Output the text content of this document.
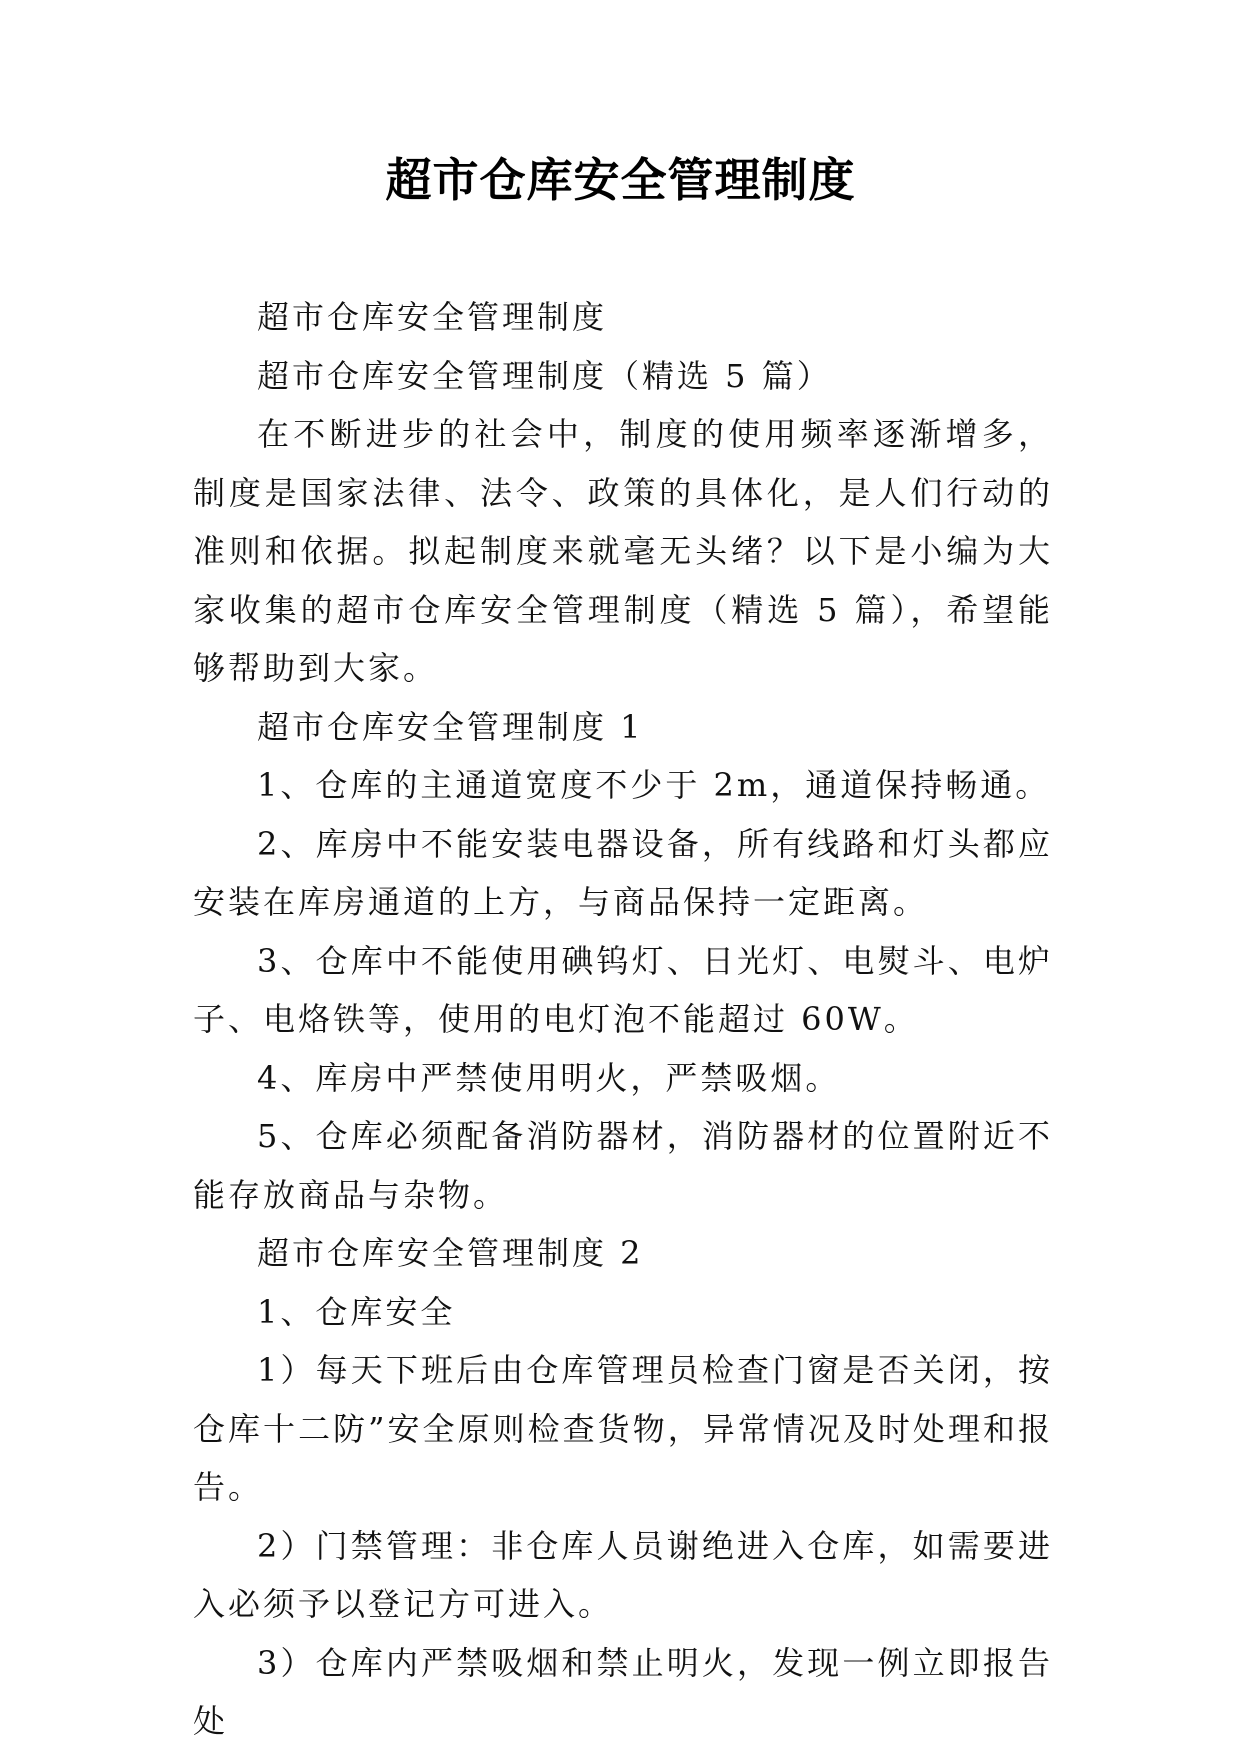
超市仓库安全管理制度

超市仓库安全管理制度

超市仓库安全管理制度（精选 5 篇）

在不断进步的社会中，制度的使用频率逐渐增多，制度是国家法律、法令、政策的具体化，是人们行动的准则和依据。拟起制度来就毫无头绪？以下是小编为大家收集的超市仓库安全管理制度（精选 5 篇），希望能够帮助到大家。

超市仓库安全管理制度 1

1、仓库的主通道宽度不少于 2m，通道保持畅通。

2、库房中不能安装电器设备，所有线路和灯头都应安装在库房通道的上方，与商品保持一定距离。

3、仓库中不能使用碘钨灯、日光灯、电熨斗、电炉子、电烙铁等，使用的电灯泡不能超过 60W。

4、库房中严禁使用明火，严禁吸烟。

5、仓库必须配备消防器材，消防器材的位置附近不能存放商品与杂物。

超市仓库安全管理制度 2

1、仓库安全

1）每天下班后由仓库管理员检查门窗是否关闭，按仓库十二防”安全原则检查货物，异常情况及时处理和报告。

2）门禁管理：非仓库人员谢绝进入仓库，如需要进入必须予以登记方可进入。

3）仓库内严禁吸烟和禁止明火，发现一例立即报告处
